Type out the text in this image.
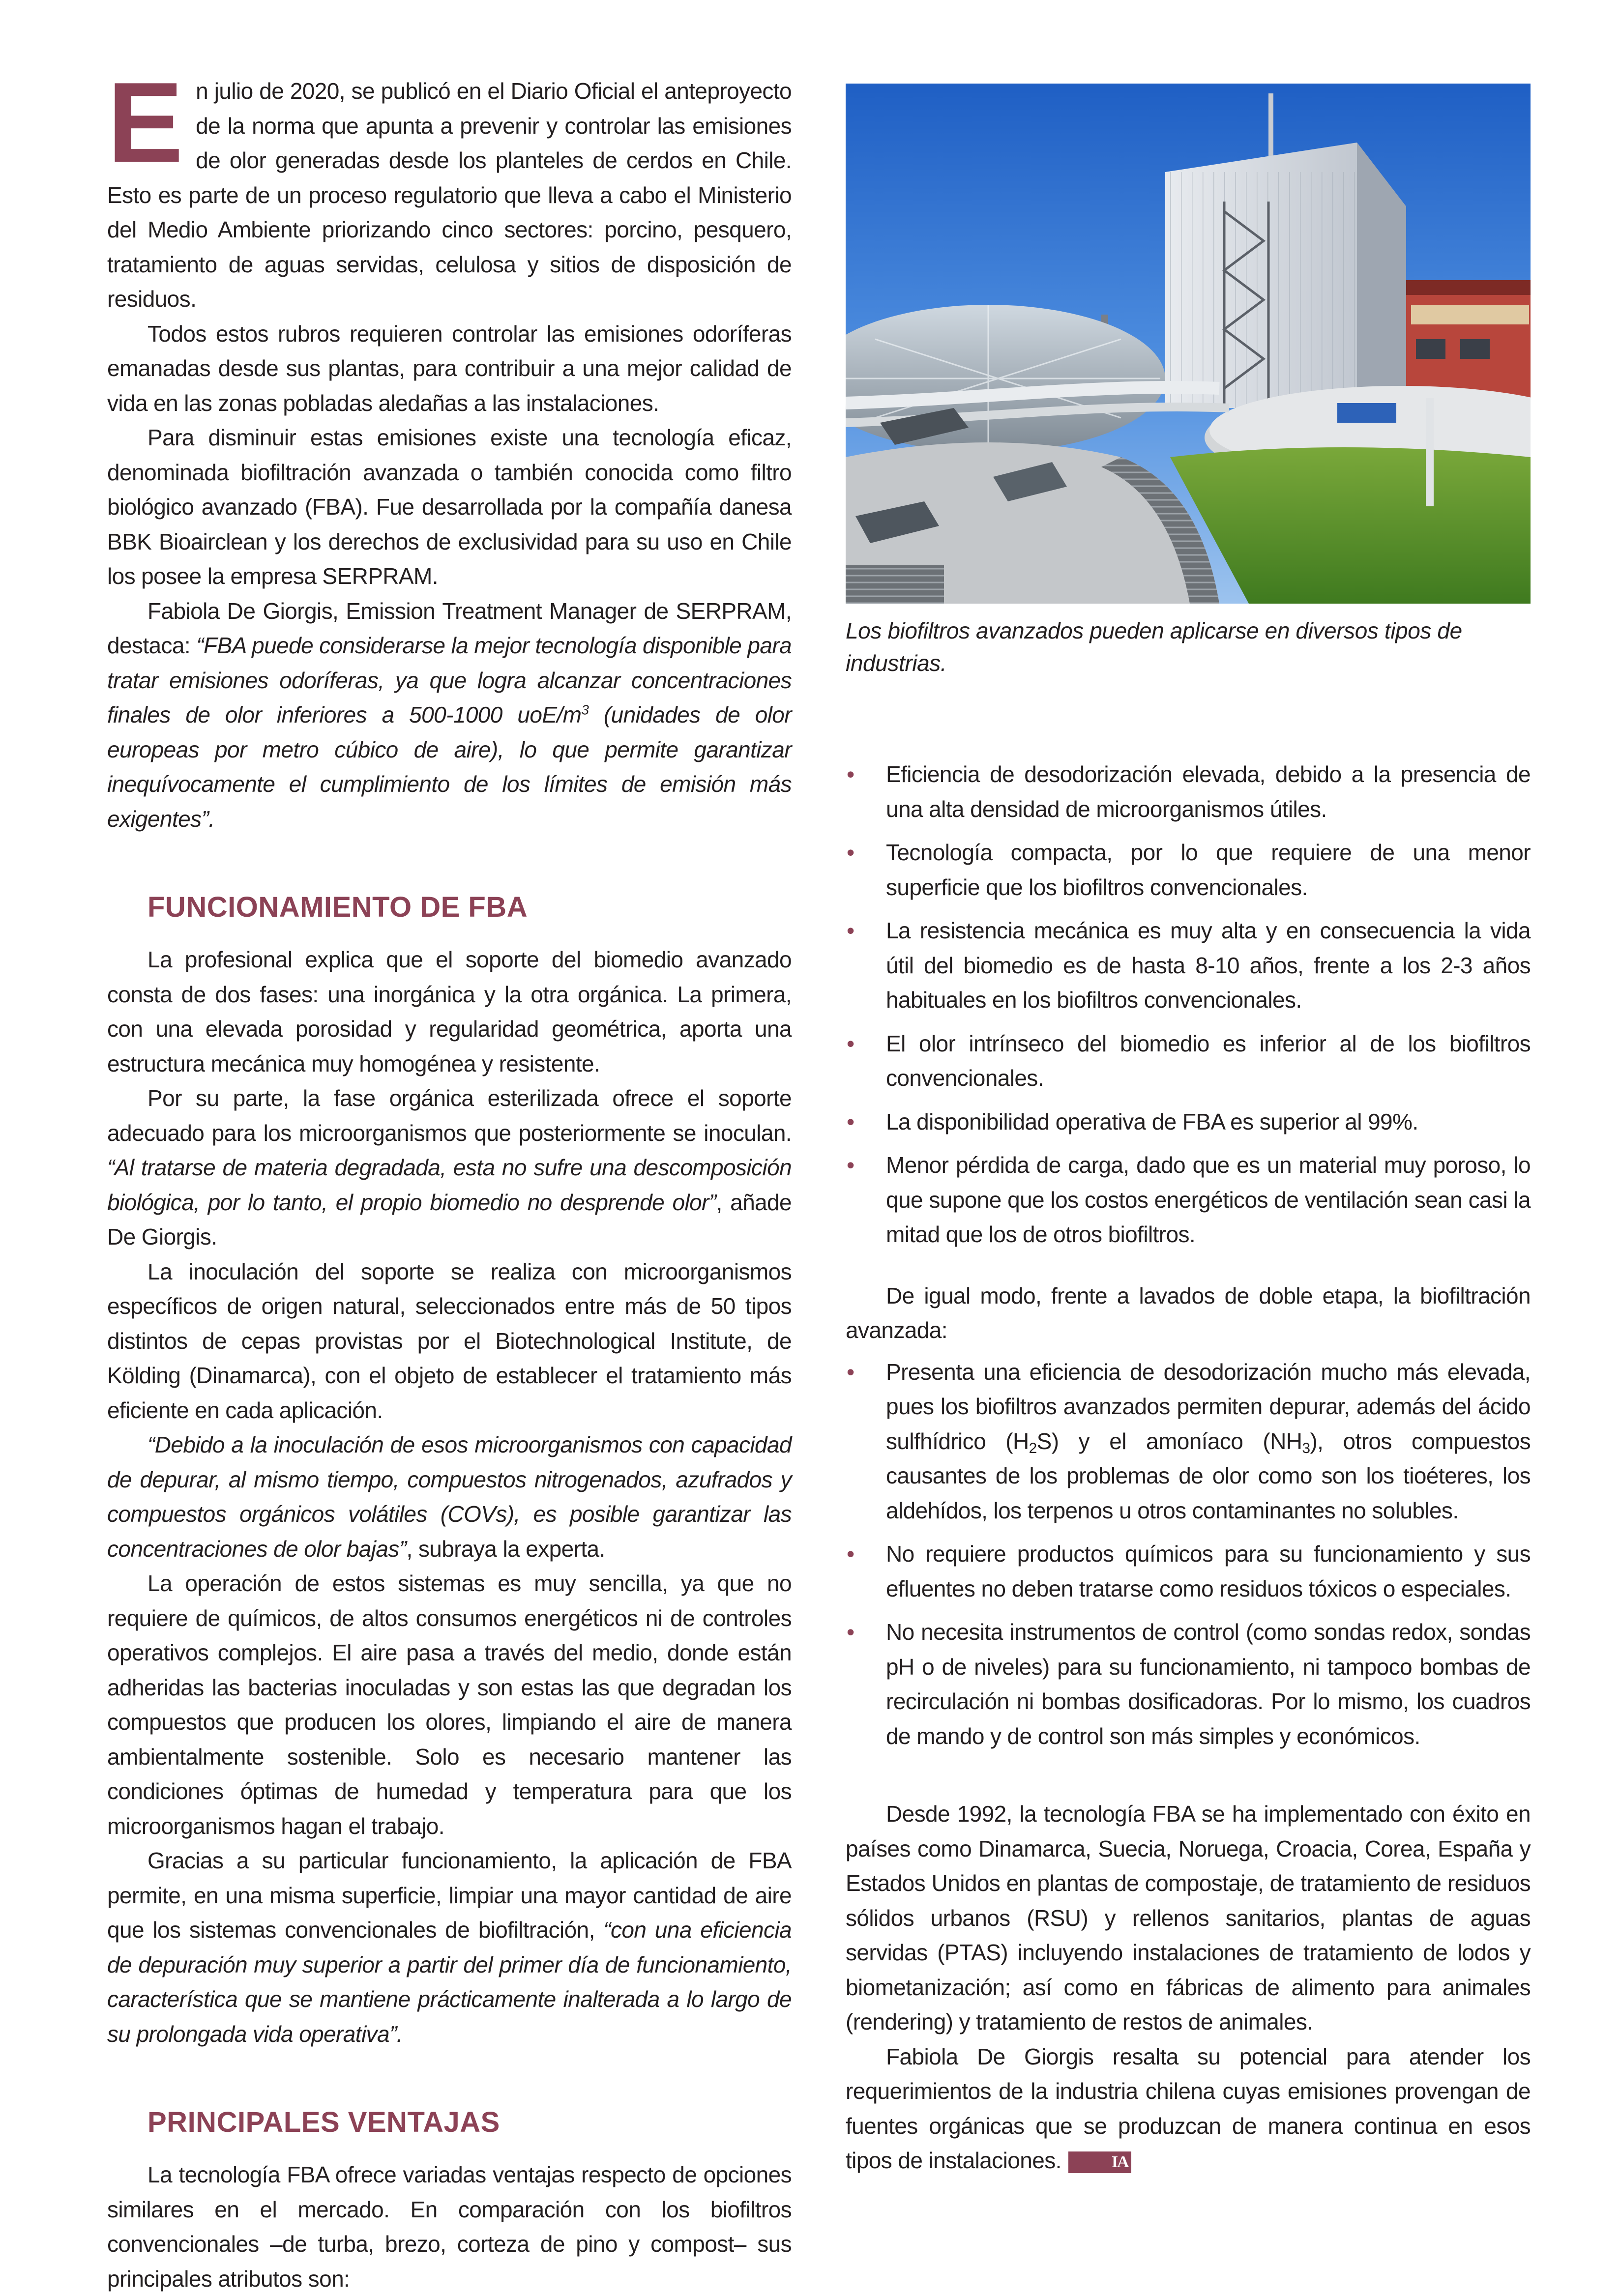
En julio de 2020, se publicó en el Diario Oficial el anteproyecto de la norma que apunta a prevenir y controlar las emisiones de olor generadas desde los planteles de cerdos en Chile. Esto es parte de un proceso regulatorio que lleva a cabo el Ministerio del Medio Ambiente priorizando cinco sectores: porcino, pesquero, tratamiento de aguas servidas, celulosa y sitios de disposición de residuos.

Todos estos rubros requieren controlar las emisiones odoríferas emanadas desde sus plantas, para contribuir a una mejor calidad de vida en las zonas pobladas aledañas a las instalaciones.

Para disminuir estas emisiones existe una tecnología eficaz, denominada biofiltración avanzada o también conocida como filtro biológico avanzado (FBA). Fue desarrollada por la compañía danesa BBK Bioairclean y los derechos de exclusividad para su uso en Chile los posee la empresa SERPRAM.

Fabiola De Giorgis, Emission Treatment Manager de SERPRAM, destaca: “FBA puede considerarse la mejor tecnología disponible para tratar emisiones odoríferas, ya que logra alcanzar concentraciones finales de olor inferiores a 500-1000 uoE/$m^3$ (unidades de olor europeas por metro cúbico de aire), lo que permite garantizar inequívocamente el cumplimiento de los límites de emisión más exigentes”.

FUNCIONAMIENTO DE FBA

La profesional explica que el soporte del biomedio avanzado consta de dos fases: una inorgánica y la otra orgánica. La primera, con una elevada porosidad y regularidad geométrica, aporta una estructura mecánica muy homogénea y resistente.

Por su parte, la fase orgánica esterilizada ofrece el soporte adecuado para los microorganismos que posteriormente se inoculan. “Al tratarse de materia degradada, esta no sufre una descomposición biológica, por lo tanto, el propio biomedio no desprende olor”, añade De Giorgis.

La inoculación del soporte se realiza con microorganismos específicos de origen natural, seleccionados entre más de 50 tipos distintos de cepas provistas por el Biotechnological Institute, de Kölding (Dinamarca), con el objeto de establecer el tratamiento más eficiente en cada aplicación.

“Debido a la inoculación de esos microorganismos con capacidad de depurar, al mismo tiempo, compuestos nitrogenados, azufrados y compuestos orgánicos volátiles (COVs), es posible garantizar las concentraciones de olor bajas”, subraya la experta.

La operación de estos sistemas es muy sencilla, ya que no requiere de químicos, de altos consumos energéticos ni de controles operativos complejos. El aire pasa a través del medio, donde están adheridas las bacterias inoculadas y son estas las que degradan los compuestos que producen los olores, limpiando el aire de manera ambientalmente sostenible. Solo es necesario mantener las condiciones óptimas de humedad y temperatura para que los microorganismos hagan el trabajo.

Gracias a su particular funcionamiento, la aplicación de FBA permite, en una misma superficie, limpiar una mayor cantidad de aire que los sistemas convencionales de biofiltración, “con una eficiencia de depuración muy superior a partir del primer día de funcionamiento, característica que se mantiene prácticamente inalterada a lo largo de su prolongada vida operativa”.

PRINCIPALES VENTAJAS

La tecnología FBA ofrece variadas ventajas respecto de opciones similares en el mercado. En comparación con los biofiltros convencionales –de turba, brezo, corteza de pino y compost– sus principales atributos son:

Los biofiltros avanzados pueden aplicarse en diversos tipos de industrias.
• Eficiencia de desodorización elevada, debido a la presencia de una alta densidad de microorganismos útiles.
• Tecnología compacta, por lo que requiere de una menor superficie que los biofiltros convencionales.
• La resistencia mecánica es muy alta y en consecuencia la vida útil del biomedio es de hasta 8-10 años, frente a los 2-3 años habituales en los biofiltros convencionales.
• El olor intrínseco del biomedio es inferior al de los biofiltros convencionales.
• La disponibilidad operativa de FBA es superior al 99%.
• Menor pérdida de carga, dado que es un material muy poroso, lo que supone que los costos energéticos de ventilación sean casi la mitad que los de otros biofiltros.

De igual modo, frente a lavados de doble etapa, la biofiltración avanzada:

• Presenta una eficiencia de desodorización mucho más elevada, pues los biofiltros avanzados permiten depurar, además del ácido sulfhídrico $(H_2S)$ y el amoníaco $(NH_3)$, otros compuestos causantes de los problemas de olor como son los tioéteres, los aldehídos, los terpenos u otros contaminantes no solubles.
• No requiere productos químicos para su funcionamiento y sus efluentes no deben tratarse como residuos tóxicos o especiales.
• No necesita instrumentos de control (como sondas redox, sondas pH o de niveles) para su funcionamiento, ni tampoco bombas de recirculación ni bombas dosificadoras. Por lo mismo, los cuadros de mando y de control son más simples y económicos.

Desde 1992, la tecnología FBA se ha implementado con éxito en países como Dinamarca, Suecia, Noruega, Croacia, Corea, España y Estados Unidos en plantas de compostaje, de tratamiento de residuos sólidos urbanos (RSU) y rellenos sanitarios, plantas de aguas servidas (PTAS) incluyendo instalaciones de tratamiento de lodos y biometanización; así como en fábricas de alimento para animales (rendering) y tratamiento de restos de animales.

Fabiola De Giorgis resalta su potencial para atender los requerimientos de la industria chilena cuyas emisiones provengan de fuentes orgánicas que se produzcan de manera continua en esos tipos de instalaciones.	IA
